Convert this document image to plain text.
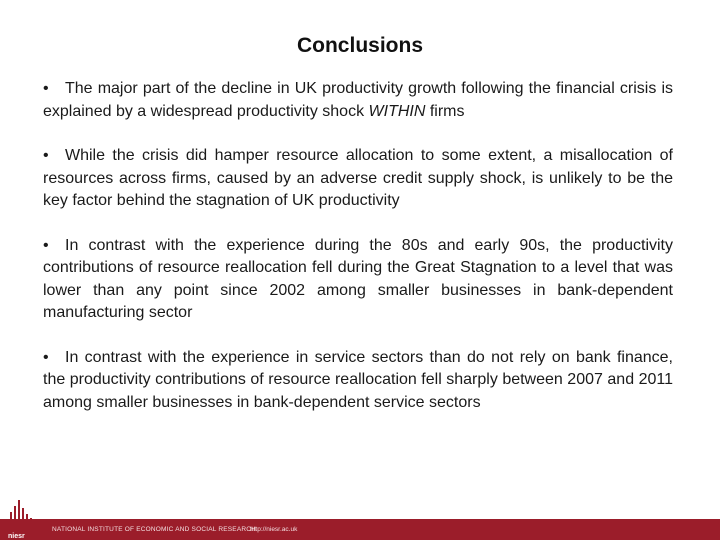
Conclusions

• The major part of the decline in UK productivity growth following the financial crisis is explained by a widespread productivity shock WITHIN firms

• While the crisis did hamper resource allocation to some extent, a misallocation of resources across firms, caused by an adverse credit supply shock, is unlikely to be the key factor behind the stagnation of UK productivity

• In contrast with the experience during the 80s and early 90s, the productivity contributions of resource reallocation fell during the Great Stagnation to a level that was lower than any point since 2002 among smaller businesses in bank-dependent manufacturing sector

• In contrast with the experience in service sectors than do not rely on bank finance, the productivity contributions of resource reallocation fell sharply between 2007 and 2011 among smaller businesses in bank-dependent service sectors

NATIONAL INSTITUTE OF ECONOMIC AND SOCIAL RESEARCH
http://niesr.ac.uk
niesr
